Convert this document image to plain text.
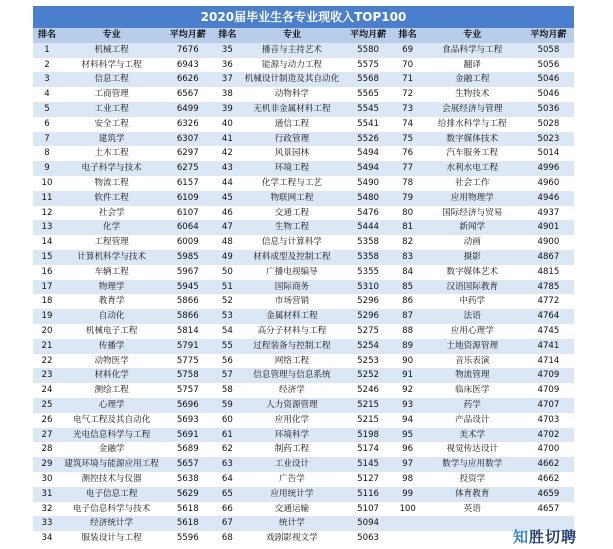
2020届毕业生各专业现收入TOP100
排名	专业	平均月薪	排名	专业	平均月薪	排名	专业	平均月薪
1	机械工程	7676	35	播音与主持艺术	5580	69	食品科学与工程	5058
2	材料科学与工程	6943	36	能源与动力工程	5575	70	翻译	5056
3	信息工程	6626	37	机械设计制造及其自动化	5568	71	金融工程	5046
4	工商管理	6567	38	动物科学	5565	72	生物技术	5046
5	工业工程	6499	39	无机非金属材料工程	5545	73	会展经济与管理	5036
6	安全工程	6326	40	通信工程	5541	74	给排水科学与工程	5028
7	建筑学	6307	41	行政管理	5526	75	数字媒体技术	5023
8	土木工程	6297	42	风景园林	5494	76	汽车服务工程	5014
9	电子科学与技术	6275	43	环境工程	5494	77	水利水电工程	4996
10	物流工程	6157	44	化学工程与工艺	5490	78	社会工作	4960
11	软件工程	6109	45	物联网工程	5480	79	应用物理学	4946
12	社会学	6107	46	交通工程	5476	80	国际经济与贸易	4937
13	化学	6064	47	生物工程	5444	81	新闻学	4901
14	工程管理	6009	48	信息与计算科学	5358	82	动画	4900
15	计算机科学与技术	5985	49	材料成型及控制工程	5358	83	摄影	4867
16	车辆工程	5967	50	广播电视编导	5355	84	数字媒体艺术	4815
17	物理学	5945	51	国际商务	5310	85	汉语国际教育	4785
18	教育学	5866	52	市场营销	5296	86	中药学	4772
19	自动化	5866	53	金属材料工程	5296	87	法语	4764
20	机械电子工程	5814	54	高分子材料与工程	5275	88	应用心理学	4745
21	传播学	5791	55	过程装备与控制工程	5254	89	土地资源管理	4741
22	动物医学	5775	56	网络工程	5253	90	音乐表演	4714
23	材料化学	5758	57	信息管理与信息系统	5252	91	物流管理	4709
24	测绘工程	5757	58	经济学	5246	92	临床医学	4709
25	心理学	5696	59	人力资源管理	5215	93	药学	4707
26	电气工程及其自动化	5693	60	应用化学	5215	94	产品设计	4703
27	光电信息科学与工程	5691	61	环境科学	5198	95	美术学	4702
28	金融学	5689	62	制药工程	5174	96	视觉传达设计	4700
29	建筑环境与能源应用工程	5657	63	工业设计	5145	97	数学与应用数学	4662
30	测控技术与仪器	5638	64	广告学	5127	98	投资学	4662
31	电子信息工程	5629	65	应用统计学	5116	99	体育教育	4659
32	电子信息科学与技术	5618	66	交通运输	5107	100	英语	4657
33	经济统计学	5618	67	统计学	5094			
34	服装设计与工程	5596	68	戏剧影视文学	5063				知胜切聘
